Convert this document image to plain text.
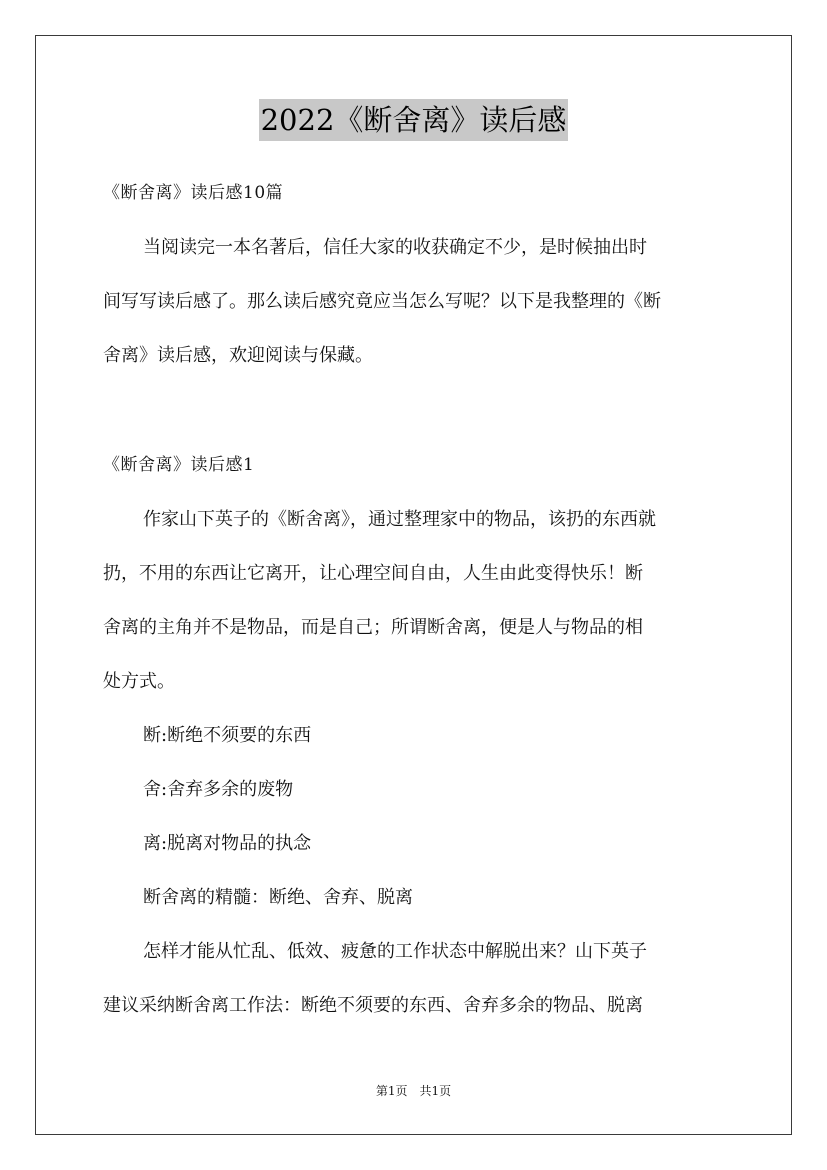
2022《断舍离》读后感
《断舍离》读后感10篇
当阅读完一本名著后，信任大家的收获确定不少，是时候抽出时
间写写读后感了。那么读后感究竟应当怎么写呢？以下是我整理的《断
舍离》读后感，欢迎阅读与保藏。
《断舍离》读后感1
作家山下英子的《断舍离》，通过整理家中的物品，该扔的东西就
扔，不用的东西让它离开，让心理空间自由，人生由此变得快乐！断
舍离的主角并不是物品，而是自己；所谓断舍离，便是人与物品的相
处方式。
断:断绝不须要的东西
舍:舍弃多余的废物
离:脱离对物品的执念
断舍离的精髓：断绝、舍弃、脱离
怎样才能从忙乱、低效、疲惫的工作状态中解脱出来？山下英子
建议采纳断舍离工作法：断绝不须要的东西、舍弃多余的物品、脱离
第1页　共1页
